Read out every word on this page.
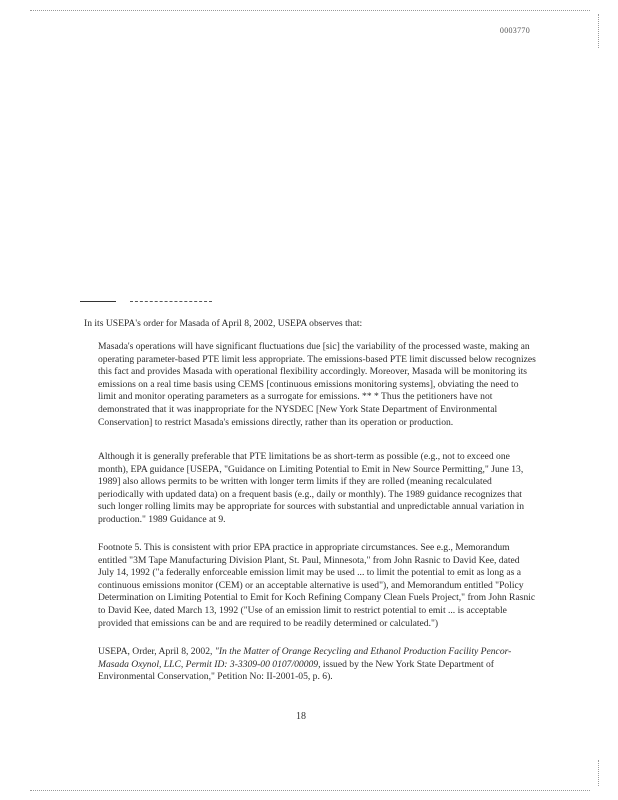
0003770
In its USEPA's order for Masada of April 8, 2002, USEPA observes that:
Masada's operations will have significant fluctuations due [sic] the variability of the processed waste, making an operating parameter-based PTE limit less appropriate. The emissions-based PTE limit discussed below recognizes this fact and provides Masada with operational flexibility accordingly. Moreover, Masada will be monitoring its emissions on a real time basis using CEMS [continuous emissions monitoring systems], obviating the need to limit and monitor operating parameters as a surrogate for emissions. ** * Thus the petitioners have not demonstrated that it was inappropriate for the NYSDEC [New York State Department of Environmental Conservation] to restrict Masada's emissions directly, rather than its operation or production.
Although it is generally preferable that PTE limitations be as short-term as possible (e.g., not to exceed one month), EPA guidance [USEPA, "Guidance on Limiting Potential to Emit in New Source Permitting," June 13, 1989] also allows permits to be written with longer term limits if they are rolled (meaning recalculated periodically with updated data) on a frequent basis (e.g., daily or monthly). The 1989 guidance recognizes that such longer rolling limits may be appropriate for sources with substantial and unpredictable annual variation in production." 1989 Guidance at 9.
Footnote 5. This is consistent with prior EPA practice in appropriate circumstances. See e.g., Memorandum entitled "3M Tape Manufacturing Division Plant, St. Paul, Minnesota," from John Rasnic to David Kee, dated July 14, 1992 ("a federally enforceable emission limit may be used ... to limit the potential to emit as long as a continuous emissions monitor (CEM) or an acceptable alternative is used"), and Memorandum entitled "Policy Determination on Limiting Potential to Emit for Koch Refining Company Clean Fuels Project," from John Rasnic to David Kee, dated March 13, 1992 ("Use of an emission limit to restrict potential to emit ... is acceptable provided that emissions can be and are required to be readily determined or calculated.")
USEPA, Order, April 8, 2002, "In the Matter of Orange Recycling and Ethanol Production Facility Pencor-Masada Oxynol, LLC, Permit ID: 3-3309-00 0107/00009, issued by the New York State Department of Environmental Conservation," Petition No: II-2001-05, p. 6).
18
